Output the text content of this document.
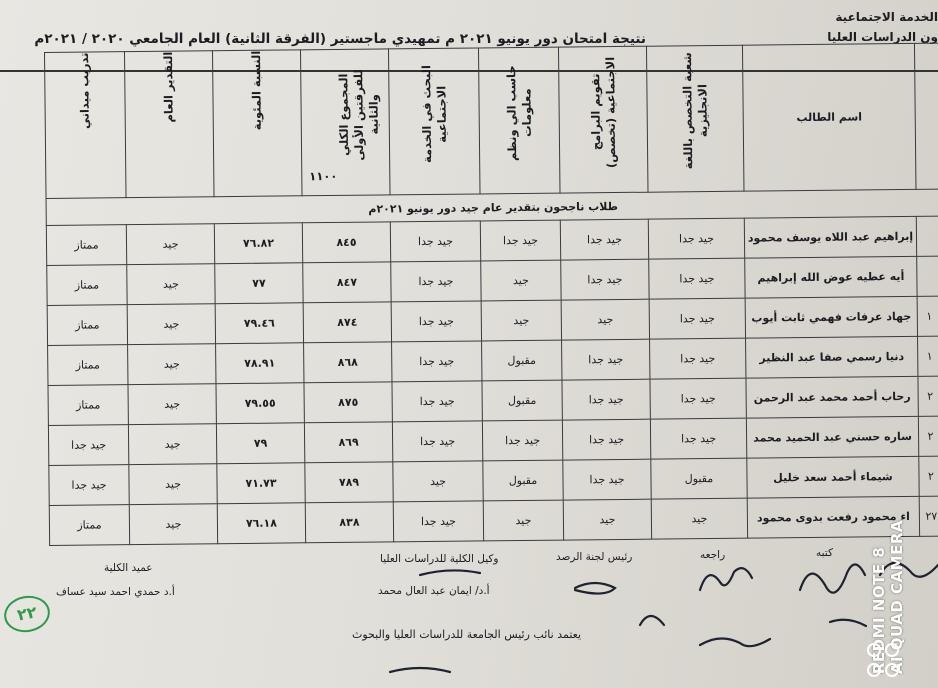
الخدمة الاجتماعية
ون الدراسات العليا
نتيجة امتحان دور يونيو ٢٠٢١ م تمهيدي ماجستير (الفرقة الثانية) العام الجامعي ٢٠٢٠ / ٢٠٢١م
	اسم الطالب	شعبة التخصص باللغة الانجليزية	تقويم البرامج الاجتماعية (تخصص)	حاسب الي ونظم معلومات	البحث في الخدمة الاجتماعية	المجموع الكلي للفرقتين الأولى والثانية١١٠٠	النسبة المئوية	التقدير العام	تدريب ميداني
طلاب ناجحون بتقدير عام جيد دور يونيو ٢٠٢١م									
	إبراهيم عبد اللاه يوسف محمود	جيد جدا	جيد جدا	جيد جدا	جيد جدا	٨٤٥	٧٦.٨٢	جيد	ممتاز
	أيه عطيه عوض الله إبراهيم	جيد جدا	جيد جدا	جيد	جيد جدا	٨٤٧	٧٧	جيد	ممتاز
١	جهاد عرفات فهمي ثابت أيوب	جيد جدا	جيد	جيد	جيد جدا	٨٧٤	٧٩.٤٦	جيد	ممتاز
١	دنيا رسمي صفا عبد النظير	جيد جدا	جيد جدا	مقبول	جيد جدا	٨٦٨	٧٨.٩١	جيد	ممتاز
٢	رحاب أحمد محمد عبد الرحمن	جيد جدا	جيد جدا	مقبول	جيد جدا	٨٧٥	٧٩.٥٥	جيد	ممتاز
٢	ساره حسني عبد الحميد محمد	جيد جدا	جيد جدا	جيد جدا	جيد جدا	٨٦٩	٧٩	جيد	جيد جدا
٢	شيماء أحمد سعد خليل	مقبول	جيد جدا	مقبول	جيد	٧٨٩	٧١.٧٣	جيد	جيد جدا
٢٧	اء محمود رفعت بدوى محمود	جيد	جيد	جيد	جيد جدا	٨٣٨	٧٦.١٨	جيد	ممتاز
كتبه
راجعه
رئيس لجنة الرصد
وكيل الكلية للدراسات العليا
أ.د/ ايمان عبد العال محمد
عميد الكلية
أ.د حمدي احمد سيد عساف
يعتمد نائب رئيس الجامعة للدراسات العليا والبحوث
٢٢	REDMI NOTE 8
AI QUAD CAMERA
